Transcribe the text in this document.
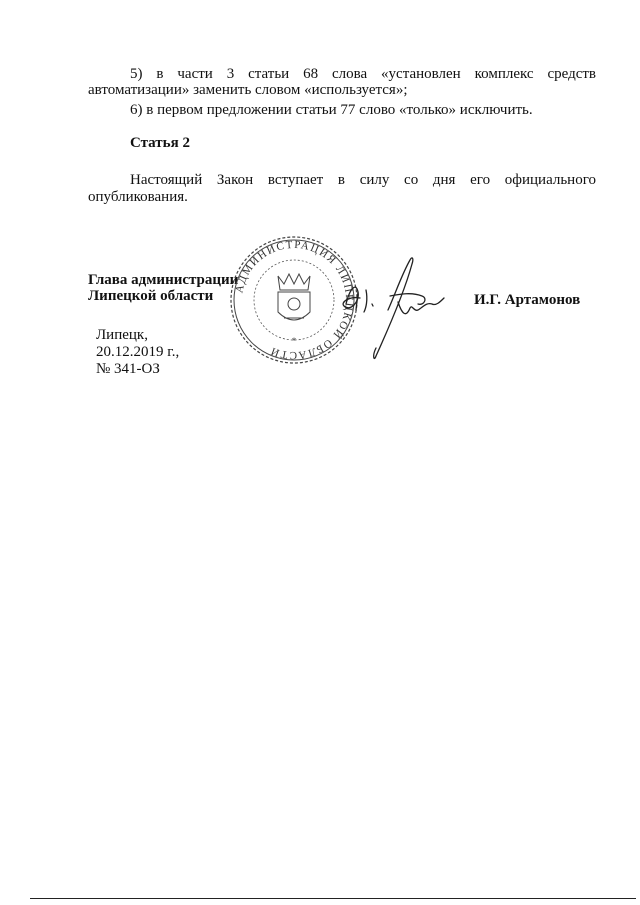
5) в части 3 статьи 68 слова «установлен комплекс средств

автоматизации» заменить словом «используется»;

6) в первом предложении статьи 77 слово «только» исключить.

Статья 2

Настоящий Закон вступает в силу со дня его официального

опубликования.

Глава администрации

Липецкой области	И.Г. Артамонов

АДМИНИСТРАЦИЯ ЛИПЕЦКОЙ ОБЛАСТИ
*

Липецк,

20.12.2019 г.,

№ 341-ОЗ
